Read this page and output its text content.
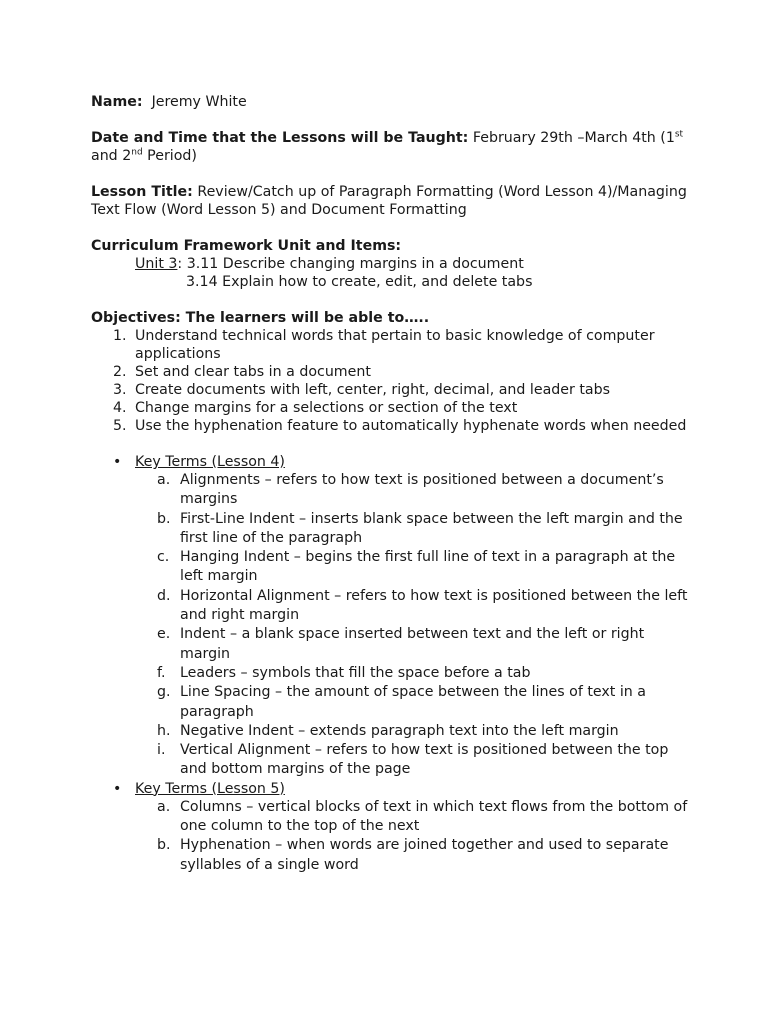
Name: Jeremy White

Date and Time that the Lessons will be Taught: February 29th –March 4th (1st and 2nd Period)

Lesson Title: Review/Catch up of Paragraph Formatting (Word Lesson 4)/Managing Text Flow (Word Lesson 5) and Document Formatting

Curriculum Framework Unit and Items:

Unit 3: 3.11 Describe changing margins in a document

3.14 Explain how to create, edit, and delete tabs

Objectives: The learners will be able to…..

1. Understand technical words that pertain to basic knowledge of computer applications
2. Set and clear tabs in a document
3. Create documents with left, center, right, decimal, and leader tabs
4. Change margins for a selections or section of the text
5. Use the hyphenation feature to automatically hyphenate words when needed
• Key Terms (Lesson 4)
a. Alignments – refers to how text is positioned between a document’s margins
b. First-Line Indent – inserts blank space between the left margin and the first line of the paragraph
c. Hanging Indent – begins the first full line of text in a paragraph at the left margin
d. Horizontal Alignment – refers to how text is positioned between the left and right margin
e. Indent – a blank space inserted between text and the left or right margin
f. Leaders – symbols that fill the space before a tab
g. Line Spacing – the amount of space between the lines of text in a paragraph
h. Negative Indent – extends paragraph text into the left margin
i. Vertical Alignment – refers to how text is positioned between the top and bottom margins of the page
• Key Terms (Lesson 5)
a. Columns – vertical blocks of text in which text flows from the bottom of one column to the top of the next
b. Hyphenation – when words are joined together and used to separate syllables of a single word
